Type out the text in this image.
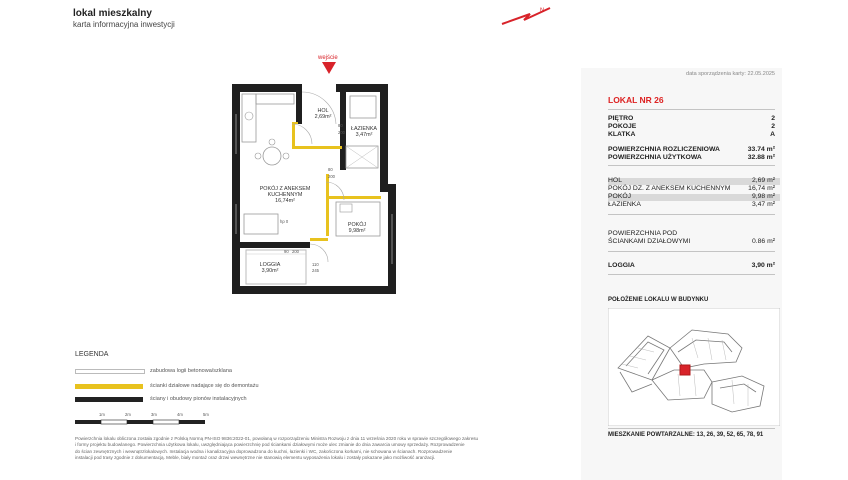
lokal mieszkalny
karta informacyjna inwestycji
N
wejście
HOL
2,69m²
ŁAZIENKA
3,47m²
POKÓJ Z ANEKSEM KUCHENNYM
16,74m²
POKÓJ
9,98m²
LOGGIA
3,90m²
80
200
80
200
90 200
110
245
hp 0
data sporządzenia karty: 22.05.2025
LOKAL NR 26
PIĘTRO	2
POKOJE	2
KLATKA	A
POWIERZCHNIA ROZLICZENIOWA	33.74 m²
POWIERZCHNIA UŻYTKOWA	32.88 m²
HOL	2,69 m²
POKÓJ DZ. Z ANEKSEM KUCHENNYM	16,74 m²
POKÓJ	9,98 m²
ŁAZIENKA	3,47 m²
POWIERZCHNIA POD
ŚCIANKAMI DZIAŁOWYMI	0.86 m²
LOGGIA	3,90 m²
POŁOŻENIE LOKALU W BUDYNKU
MIESZKANIE POWTARZALNE: 13, 26, 39, 52, 65, 78, 91
LEGENDA
zabudowa logii betonowa/szklana
ścianki działowe nadające się do demontażu
ściany i obudowy pionów instalacyjnych
1m	2m	3m	4m	5m

Powierzchnia lokalu obliczona została zgodnie z Polską Normą PN-ISO 9836:2022-01, powołaną w rozporządzeniu Ministra Rozwoju z dnia 11 września 2020 roku w sprawie szczegółowego zakresu

i formy projektu budowlanego. Powierzchnia użytkowa lokalu, uwzględniająca powierzchnię pod ściankami działowymi może ulec zmianie do dnia zawarcia umowy sprzedaży. Rozprowadzenie

do ścian zewnętrznych i wewnątrzlokalowych. Instalacja wodna i kanalizacyjna doprowadzona do kuchni, łazienki i WC, zakończona korkami, nie schowana w ścianach. Rozprowadzenie

instalacji pod trasy zgodnie z dokumentacją. Meble, biały montaż oraz drzwi wewnętrzne nie stanowią elementu wyposażenia lokalu i zostały pokazane jako możliwość aranżacji.
